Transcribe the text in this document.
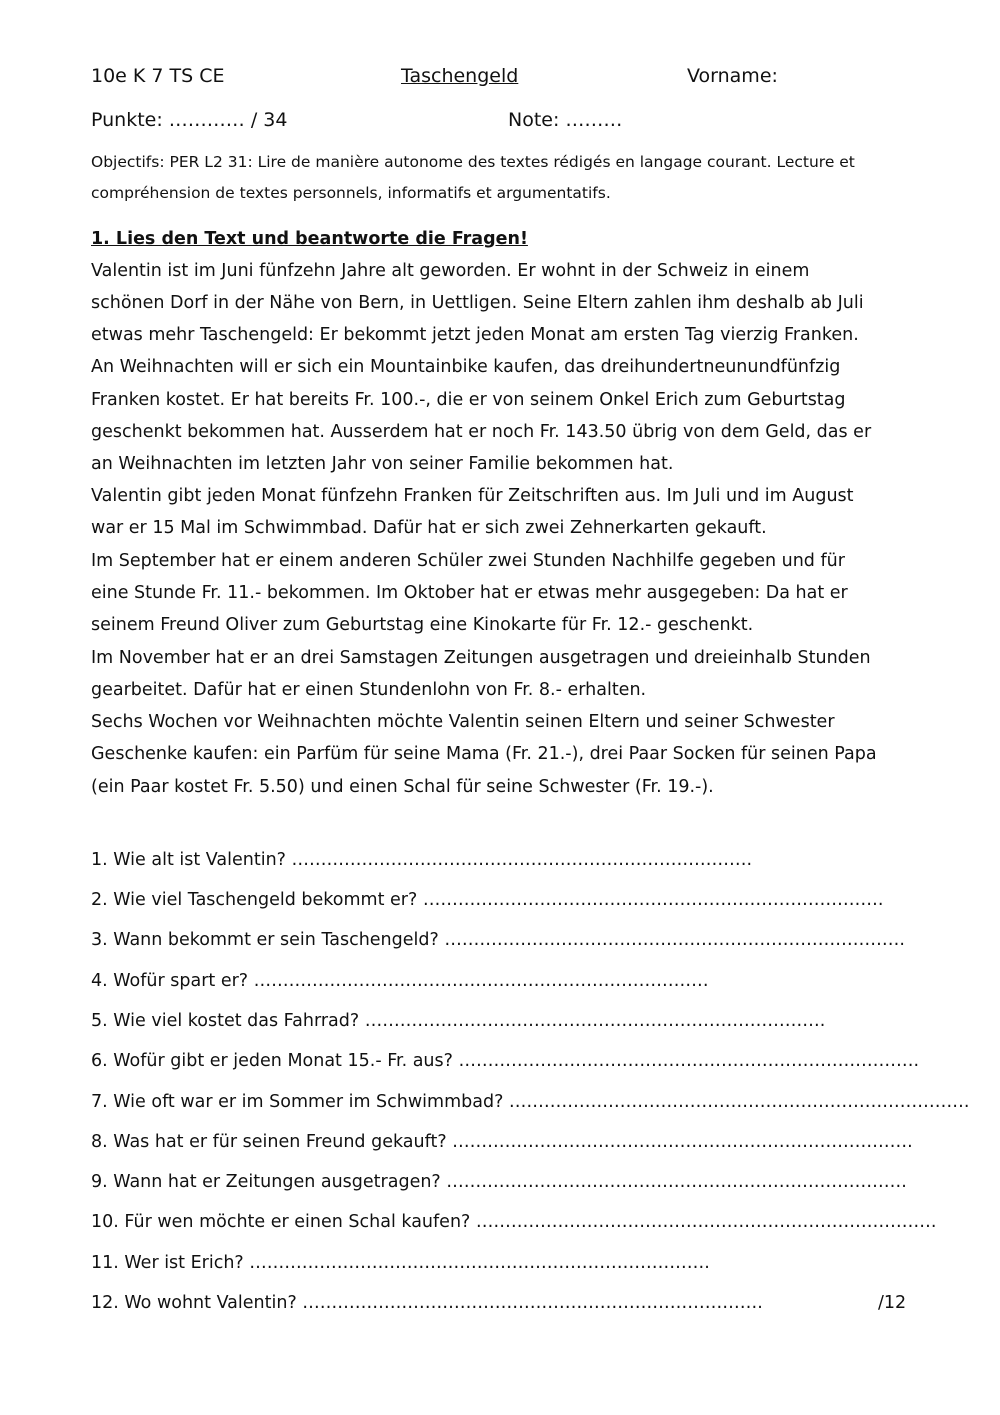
10e K 7 TS CE	Taschengeld	Vorname:
Punkte: ………… / 34	Note: ………
Objectifs: PER L2 31: Lire de manière autonome des textes rédigés en langage courant. Lecture et compréhension de textes personnels, informatifs et argumentatifs.
1. Lies den Text und beantworte die Fragen!
Valentin ist im Juni fünfzehn Jahre alt geworden. Er wohnt in der Schweiz in einem
schönen Dorf in der Nähe von Bern, in Uettligen. Seine Eltern zahlen ihm deshalb ab Juli
etwas mehr Taschengeld: Er bekommt jetzt jeden Monat am ersten Tag vierzig Franken.
An Weihnachten will er sich ein Mountainbike kaufen, das dreihundertneunundfünfzig
Franken kostet. Er hat bereits Fr. 100.-, die er von seinem Onkel Erich zum Geburtstag
geschenkt bekommen hat. Ausserdem hat er noch Fr. 143.50 übrig von dem Geld, das er
an Weihnachten im letzten Jahr von seiner Familie bekommen hat.
Valentin gibt jeden Monat fünfzehn Franken für Zeitschriften aus. Im Juli und im August
war er 15 Mal im Schwimmbad. Dafür hat er sich zwei Zehnerkarten gekauft.
Im September hat er einem anderen Schüler zwei Stunden Nachhilfe gegeben und für
eine Stunde Fr. 11.- bekommen. Im Oktober hat er etwas mehr ausgegeben: Da hat er
seinem Freund Oliver zum Geburtstag eine Kinokarte für Fr. 12.- geschenkt.
Im November hat er an drei Samstagen Zeitungen ausgetragen und dreieinhalb Stunden
gearbeitet. Dafür hat er einen Stundenlohn von Fr. 8.- erhalten.
Sechs Wochen vor Weihnachten möchte Valentin seinen Eltern und seiner Schwester
Geschenke kaufen: ein Parfüm für seine Mama (Fr. 21.-), drei Paar Socken für seinen Papa
(ein Paar kostet Fr. 5.50) und einen Schal für seine Schwester (Fr. 19.-).
1. Wie alt ist Valentin? …………………………………………………………………….
2. Wie viel Taschengeld bekommt er? …………………………………………………………………….
3. Wann bekommt er sein Taschengeld? …………………………………………………………………….
4. Wofür spart er? ……………………………………………………………………
5. Wie viel kostet das Fahrrad? …………………………………………………………………….
6. Wofür gibt er jeden Monat 15.- Fr. aus? …………………………………………………………………….
7. Wie oft war er im Sommer im Schwimmbad? …………………………………………………………………….
8. Was hat er für seinen Freund gekauft? …………………………………………………………………….
9. Wann hat er Zeitungen ausgetragen? …………………………………………………………………….
10. Für wen möchte er einen Schal kaufen? …………………………………………………………………….
11. Wer ist Erich? …………………………………………………………………….
12. Wo wohnt Valentin? …………………………………………………………………….	/12
